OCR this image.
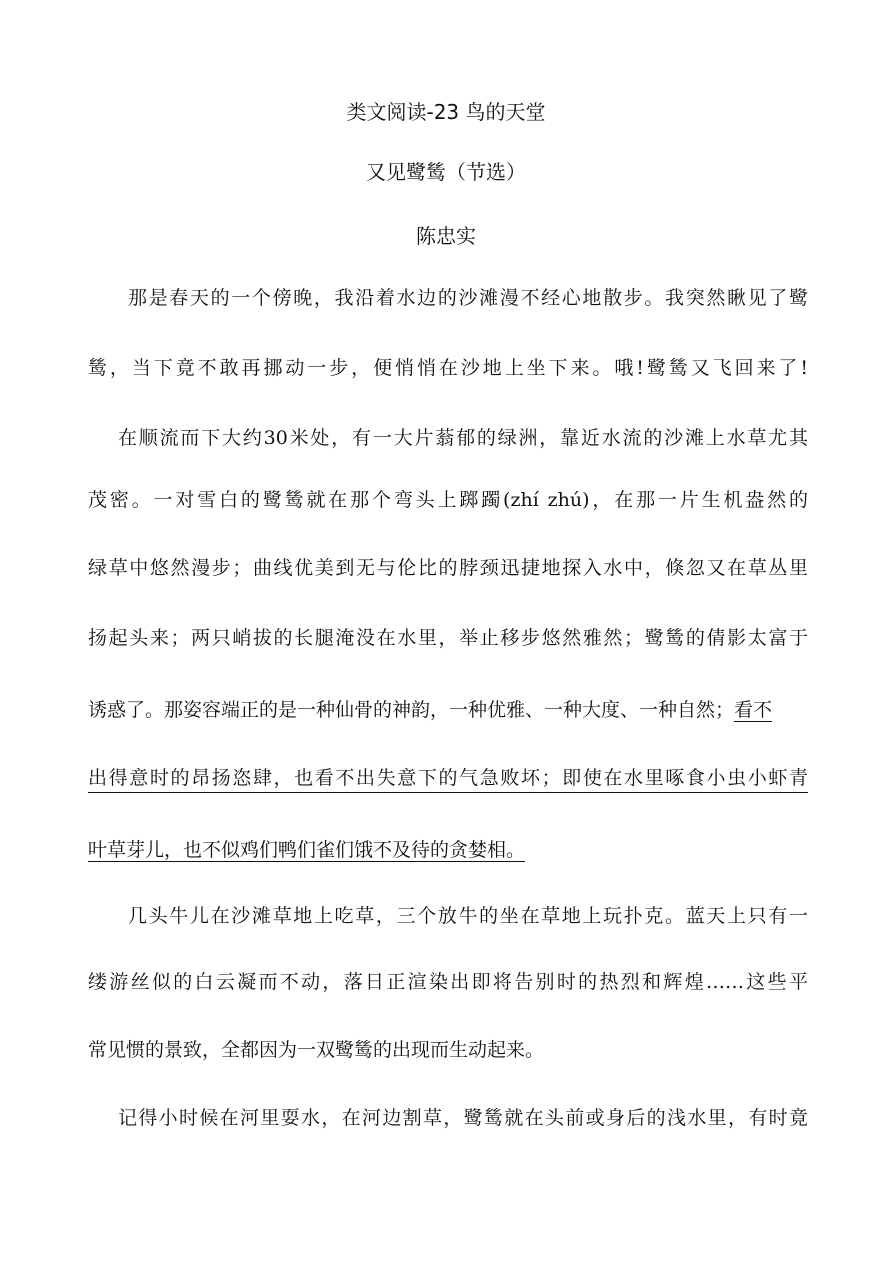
类文阅读-23 鸟的天堂
又见鹭鸶（节选）
陈忠实
那是春天的一个傍晚，我沿着水边的沙滩漫不经心地散步。我突然瞅见了鹭
鸶，当下竟不敢再挪动一步，便悄悄在沙地上坐下来。哦!鹭鸶又飞回来了!
在顺流而下大约30米处，有一大片蓊郁的绿洲，靠近水流的沙滩上水草尤其
茂密。一对雪白的鹭鸶就在那个弯头上踯躅(zhí zhú)，在那一片生机盎然的
绿草中悠然漫步；曲线优美到无与伦比的脖颈迅捷地探入水中，倏忽又在草丛里
扬起头来；两只峭拔的长腿淹没在水里，举止移步悠然雅然；鹭鸶的倩影太富于
诱惑了。那姿容端正的是一种仙骨的神韵，一种优雅、一种大度、一种自然；看不
出得意时的昂扬恣肆，也看不出失意下的气急败坏；即使在水里啄食小虫小虾青
叶草芽儿，也不似鸡们鸭们雀们饿不及待的贪婪相。
几头牛儿在沙滩草地上吃草，三个放牛的坐在草地上玩扑克。蓝天上只有一
缕游丝似的白云凝而不动，落日正渲染出即将告别时的热烈和辉煌……这些平
常见惯的景致，全都因为一双鹭鸶的出现而生动起来。
记得小时候在河里耍水，在河边割草，鹭鸶就在头前或身后的浅水里，有时竟
